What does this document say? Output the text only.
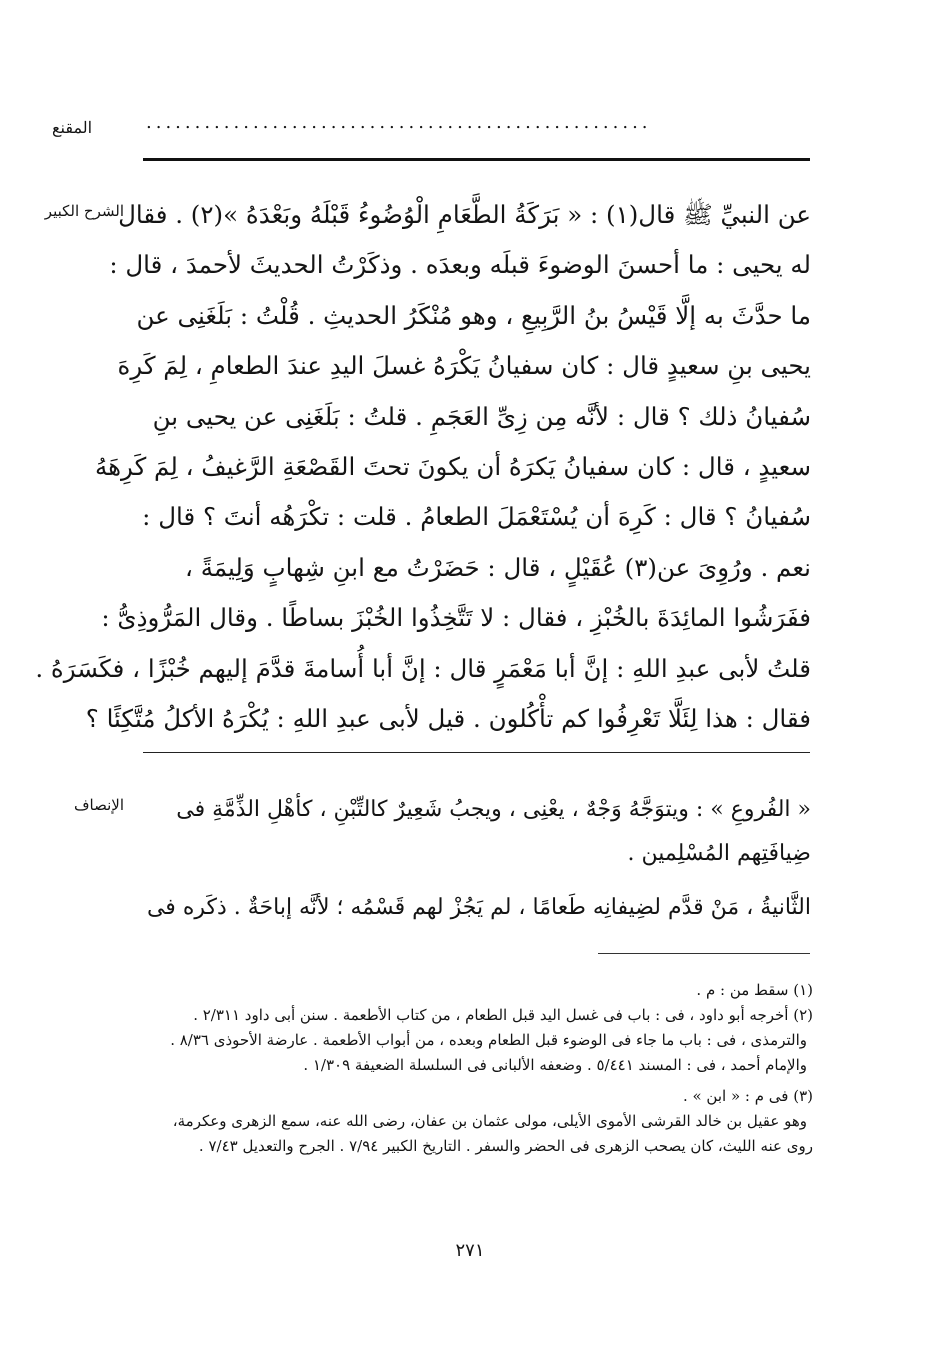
المقنع	....................................................
الشرح الكبير
عن النبيِّ ﷺ قال(١) : « بَرَكَةُ الطَّعَامِ الْوُضُوءُ قَبْلَهُ وبَعْدَهُ »(٢) . فقال
له يحيى : ما أحسنَ الوضوءَ قبلَه وبعدَه . وذكَرْتُ الحديثَ لأحمدَ ، قال :
ما حدَّثَ به إلَّا قَيْسُ بنُ الرَّبِيعِ ، وهو مُنْكَرُ الحديثِ . قُلْتُ : بَلَغَنِى عن
يحيى بنِ سعيدٍ قال : كان سفيانُ يَكْرَهُ غسلَ اليدِ عندَ الطعامِ ، لِمَ كَرِهَ
سُفيانُ ذلك ؟ قال : لأنَّه مِن زِىِّ العَجَمِ . قلتُ : بَلَغَنِى عن يحيى بنِ
سعيدٍ ، قال : كان سفيانُ يَكرَهُ أن يكونَ تحتَ القَصْعَةِ الرَّغيفُ ، لِمَ كَرِهَهُ
سُفيانُ ؟ قال : كَرِهَ أن يُسْتَعْمَلَ الطعامُ . قلت : تكْرَهُه أنتَ ؟ قال :
نعم . ورُوِىَ عن(٣) عُقَيْلٍ ، قال : حَضَرْتُ مع ابنِ شِهابٍ وَلِيمَةً ،
ففَرَشُوا المائِدَةَ بالخُبْزِ ، فقال : لا تَتَّخِذُوا الخُبْزَ بساطًا . وقال المَرُّوذِىُّ :
قلتُ لأبى عبدِ اللهِ : إنَّ أبا مَعْمَرٍ قال : إنَّ أبا أُسامةَ قدَّمَ إليهم خُبْزًا ، فكَسَرَهُ .
فقال : هذا لِئَلَّا تَعْرِفُوا كم تأْكُلون . قيل لأبى عبدِ اللهِ : يُكْرَهُ الأكلُ مُتَّكِئًا ؟
الإنصاف	« الفُروعِ » : ويتوَجَّهُ وَجْهٌ ، يعْنِى ، ويجبُ شَعِيرٌ كالتِّبْنِ ، كأهْلِ الذِّمَّةِ فى
ضِيافَتِهم المُسْلِمين .
الثَّانيةُ ، مَنْ قدَّم لضِيفانِه طَعامًا ، لم يَجُزْ لهم قَسْمُه ؛ لأنَّه إباحَةٌ . ذكَره فى
(١) سقط من : م .
(٢) أخرجه أبو داود ، فى : باب فى غسل اليد قبل الطعام ، من كتاب الأطعمة . سنن أبى داود ٢/٣١١ .
والترمذى ، فى : باب ما جاء فى الوضوء قبل الطعام وبعده ، من أبواب الأطعمة . عارضة الأحوذى ٨/٣٦ .
والإمام أحمد ، فى : المسند ٥/٤٤١ . وضعفه الألبانى فى السلسلة الضعيفة ١/٣٠٩ .
(٣) فى م : « ابن » .
وهو عقيل بن خالد القرشى الأموى الأيلى، مولى عثمان بن عفان، رضى الله عنه، سمع الزهرى وعكرمة،
روى عنه الليث، كان يصحب الزهرى فى الحضر والسفر . التاريخ الكبير ٧/٩٤ . الجرح والتعديل ٧/٤٣ .
٢٧١
